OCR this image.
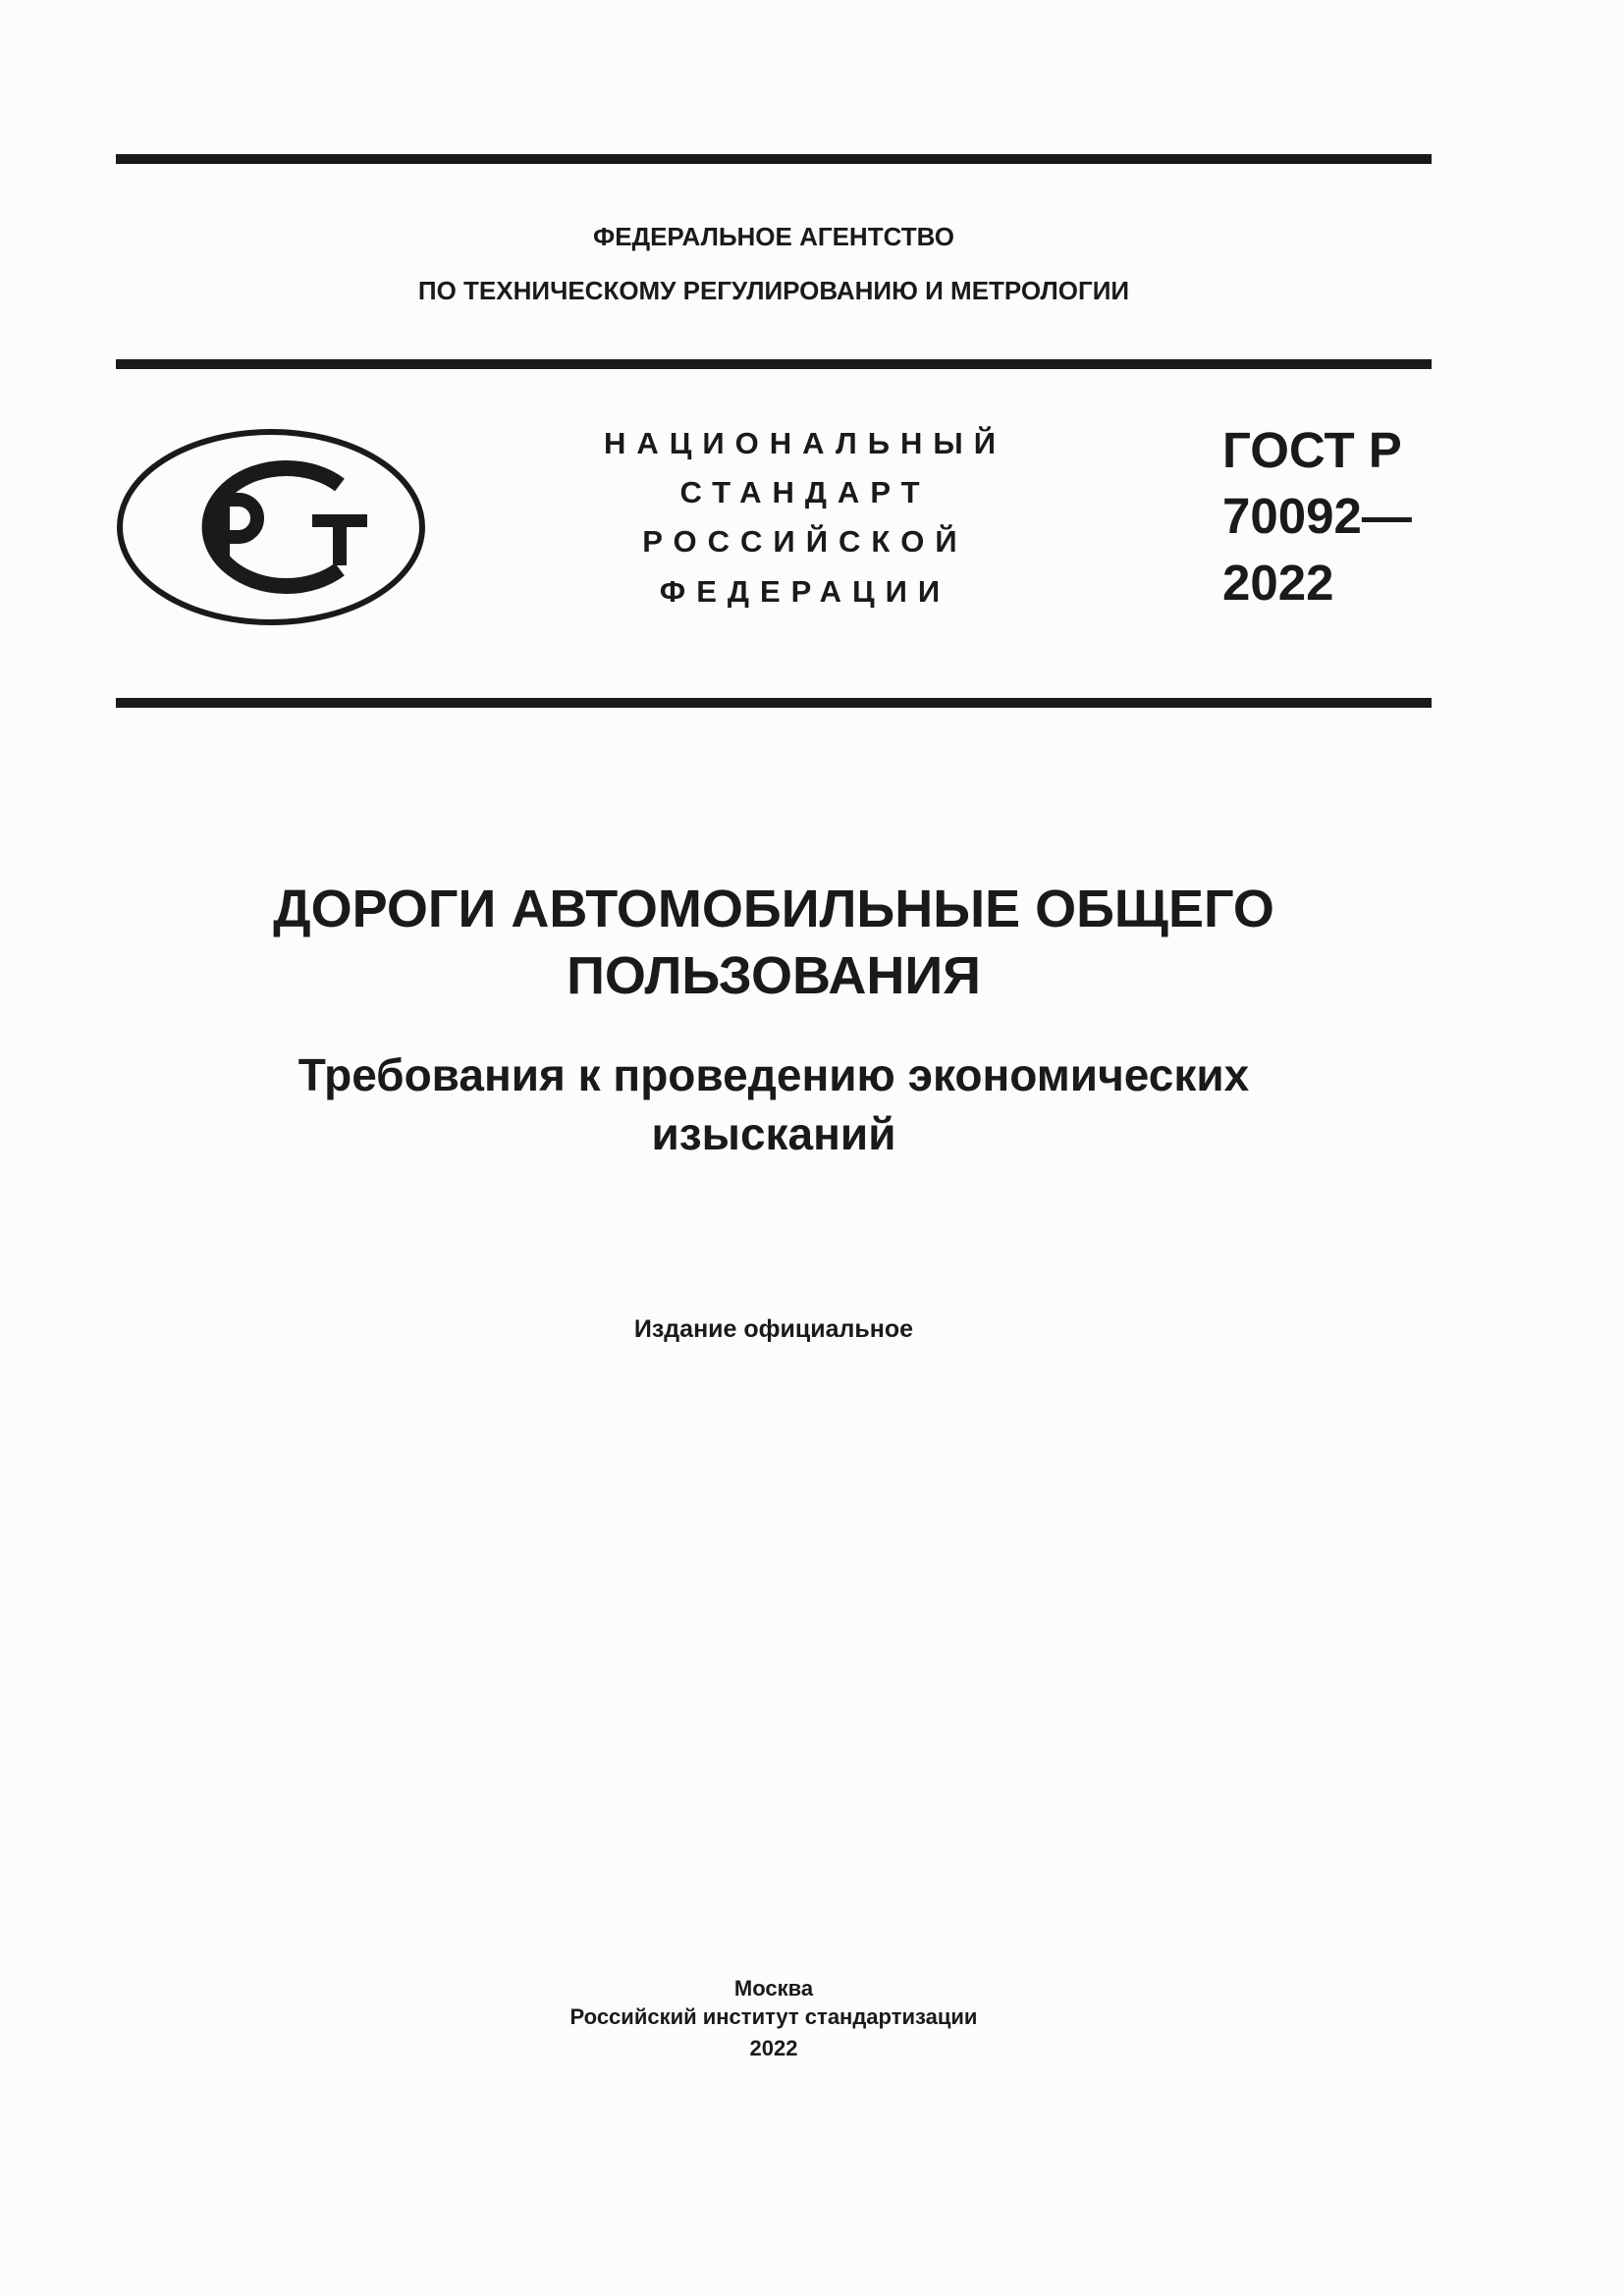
ФЕДЕРАЛЬНОЕ АГЕНТСТВО
ПО ТЕХНИЧЕСКОМУ РЕГУЛИРОВАНИЮ И МЕТРОЛОГИИ
НАЦИОНАЛЬНЫЙ
СТАНДАРТ
РОССИЙСКОЙ
ФЕДЕРАЦИИ
ГОСТ Р
70092—
2022
ДОРОГИ АВТОМОБИЛЬНЫЕ ОБЩЕГО
ПОЛЬЗОВАНИЯ
Требования к проведению экономических
изысканий
Издание официальное
Москва
Российский институт стандартизации
2022
